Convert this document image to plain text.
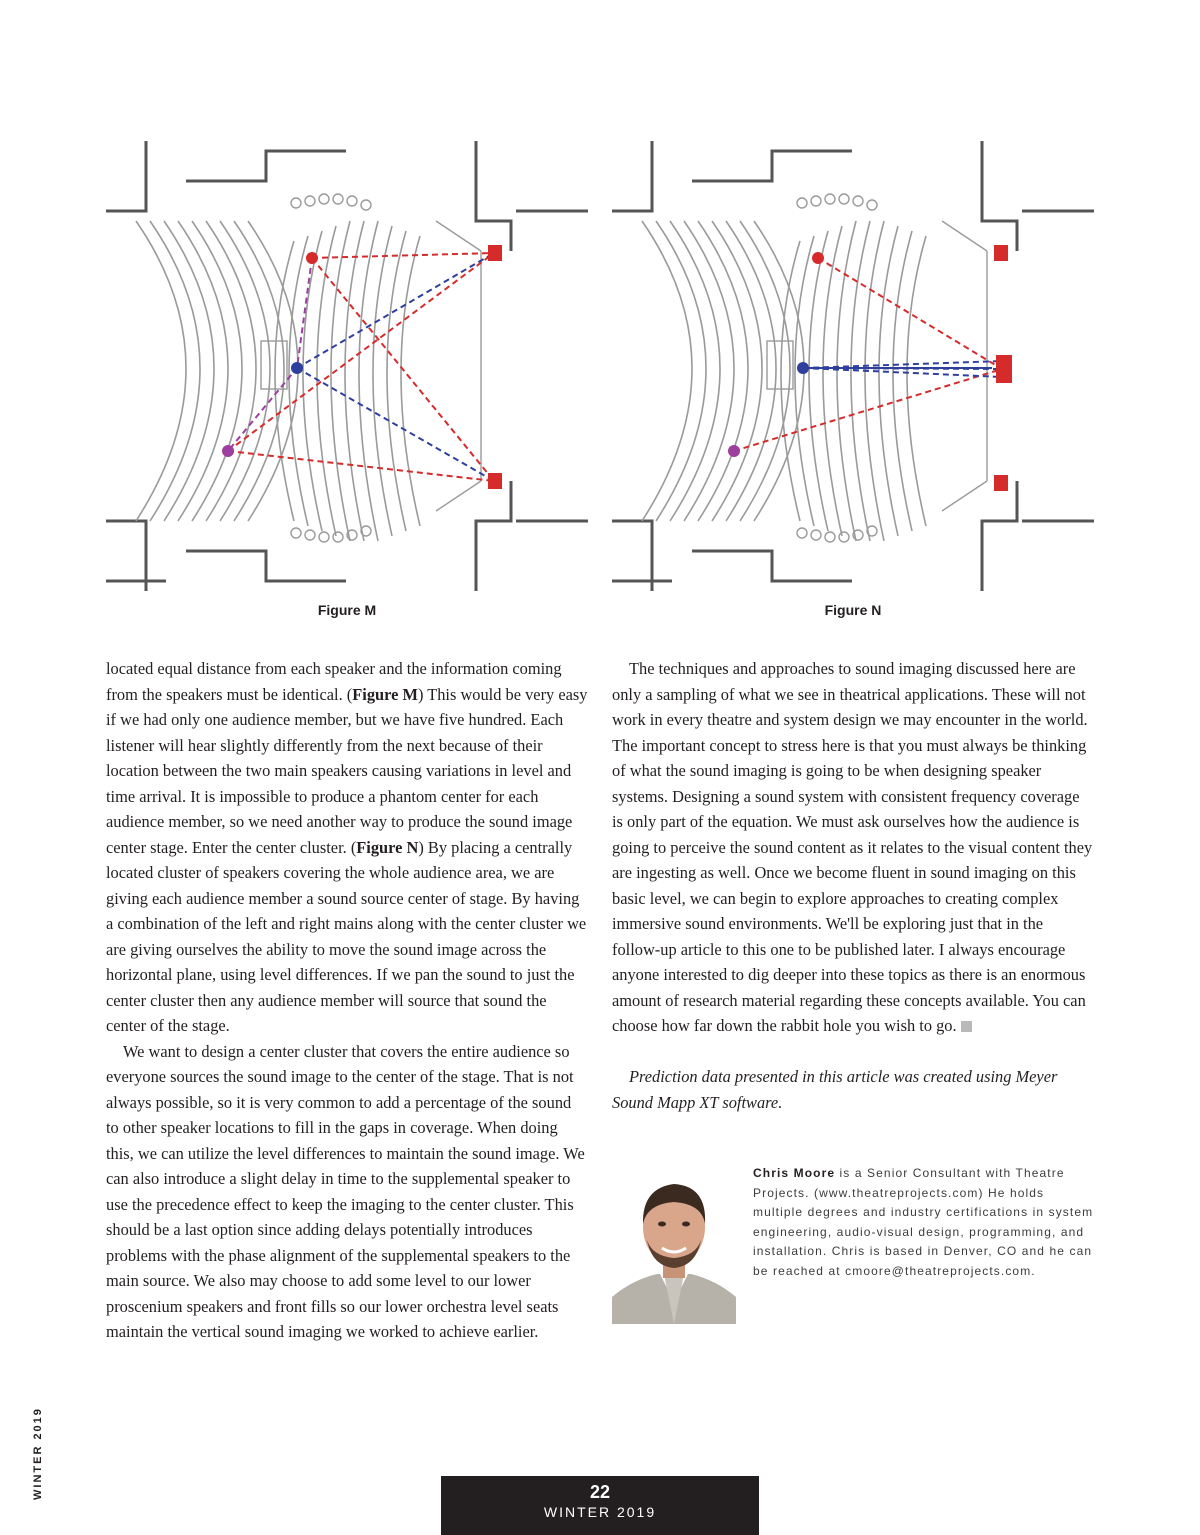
Figure M	Figure N

located equal distance from each speaker and the information coming from the speakers must be identical. (Figure M) This would be very easy if we had only one audience member, but we have five hundred. Each listener will hear slightly differently from the next because of their location between the two main speakers causing variations in level and time arrival. It is impossible to produce a phantom center for each audience member, so we need another way to produce the sound image center stage. Enter the center cluster. (Figure N) By placing a centrally located cluster of speakers covering the whole audience area, we are giving each audience member a sound source center of stage. By having a combination of the left and right mains along with the center cluster we are giving ourselves the ability to move the sound image across the horizontal plane, using level differences. If we pan the sound to just the center cluster then any audience member will source that sound the center of the stage.

We want to design a center cluster that covers the entire audience so everyone sources the sound image to the center of the stage. That is not always possible, so it is very common to add a percentage of the sound to other speaker locations to fill in the gaps in coverage. When doing this, we can utilize the level differences to maintain the sound image. We can also introduce a slight delay in time to the supplemental speaker to use the precedence effect to keep the imaging to the center cluster. This should be a last option since adding delays potentially introduces problems with the phase alignment of the supplemental speakers to the main source. We also may choose to add some level to our lower proscenium speakers and front fills so our lower orchestra level seats maintain the vertical sound imaging we worked to achieve earlier.

The techniques and approaches to sound imaging discussed here are only a sampling of what we see in theatrical applications. These will not work in every theatre and system design we may encounter in the world. The important concept to stress here is that you must always be thinking of what the sound imaging is going to be when designing speaker systems. Designing a sound system with consistent frequency coverage is only part of the equation. We must ask ourselves how the audience is going to perceive the sound content as it relates to the visual content they are ingesting as well. Once we become fluent in sound imaging on this basic level, we can begin to explore approaches to creating complex immersive sound environments. We'll be exploring just that in the follow-up article to this one to be published later. I always encourage anyone interested to dig deeper into these topics as there is an enormous amount of research material regarding these concepts available. You can choose how far down the rabbit hole you wish to go.

Prediction data presented in this article was created using Meyer Sound Mapp XT software.

Chris Moore is a Senior Consultant with Theatre Projects. (www.theatreprojects.com) He holds multiple degrees and industry certifications in system engineering, audio-visual design, programming, and installation. Chris is based in Denver, CO and he can be reached at cmoore@theatreprojects.com.
WINTER 2019	22
WINTER 2019
